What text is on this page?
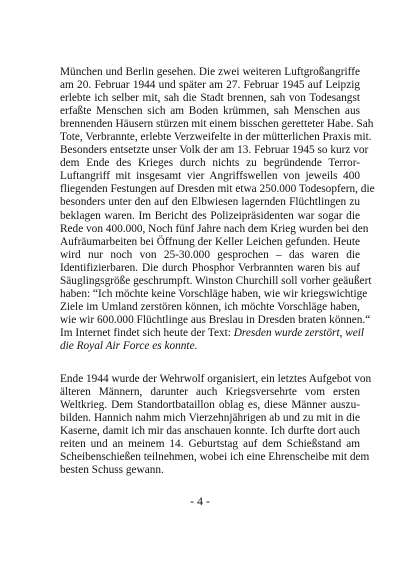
München und Berlin gesehen. Die zwei weiteren Luftgroßangriffe
am 20. Februar 1944 und später am 27. Februar 1945 auf Leipzig
erlebte ich selber mit, sah die Stadt brennen, sah von Todesangst
erfaßte Menschen sich am Boden krümmen, sah Menschen aus
brennenden Häusern stürzen mit einem bisschen geretteter Habe. Sah
Tote, Verbrannte, erlebte Verzweifelte in der mütterlichen Praxis mit.
Besonders entsetzte unser Volk der am 13. Februar 1945 so kurz vor
dem Ende des Krieges durch nichts zu begründende Terror-
Luftangriff mit insgesamt vier Angriffswellen von jeweils 400
fliegenden Festungen auf Dresden mit etwa 250.000 Todesopfern, die
besonders unter den auf den Elbwiesen lagernden Flüchtlingen zu
beklagen waren. Im Bericht des Polizeipräsidenten war sogar die
Rede von 400.000, Noch fünf Jahre nach dem Krieg wurden bei den
Aufräumarbeiten bei Öffnung der Keller Leichen gefunden. Heute
wird nur noch von 25-30.000 gesprochen – das waren die
Identifizierbaren. Die durch Phosphor Verbrannten waren bis auf
Säuglingsgröße geschrumpft. Winston Churchill soll vorher geäußert
haben: “Ich möchte keine Vorschläge haben, wie wir kriegswichtige
Ziele im Umland zerstören können, ich möchte Vorschläge haben,
wie wir 600.000 Flüchtlinge aus Breslau in Dresden braten können.“
Im Internet findet sich heute der Text: Dresden wurde zerstört, weil
die Royal Air Force es konnte.
Ende 1944 wurde der Wehrwolf organisiert, ein letztes Aufgebot von
älteren Männern, darunter auch Kriegsversehrte vom ersten
Weltkrieg. Dem Standortbataillon oblag es, diese Männer auszu-
bilden. Hannich nahm mich Vierzehnjährigen ab und zu mit in die
Kaserne, damit ich mir das anschauen konnte. Ich durfte dort auch
reiten und an meinem 14. Geburtstag auf dem Schießstand am
Scheibenschießen teilnehmen, wobei ich eine Ehrenscheibe mit dem
besten Schuss gewann.
- 4 -
